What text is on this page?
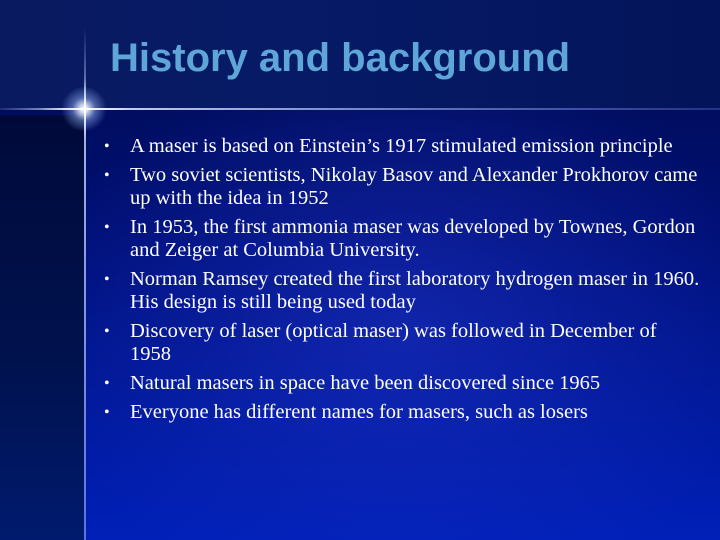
History and background
• A maser is based on Einstein’s 1917 stimulated emission principle
• Two soviet scientists, Nikolay Basov and Alexander Prokhorov came up with the idea in 1952
• In 1953, the first ammonia maser was developed by Townes, Gordon and Zeiger at Columbia University.
• Norman Ramsey created the first laboratory hydrogen maser in 1960. His design is still being used today
• Discovery of laser (optical maser) was followed in December of 1958
• Natural masers in space have been discovered since 1965
• Everyone has different names for masers, such as losers
